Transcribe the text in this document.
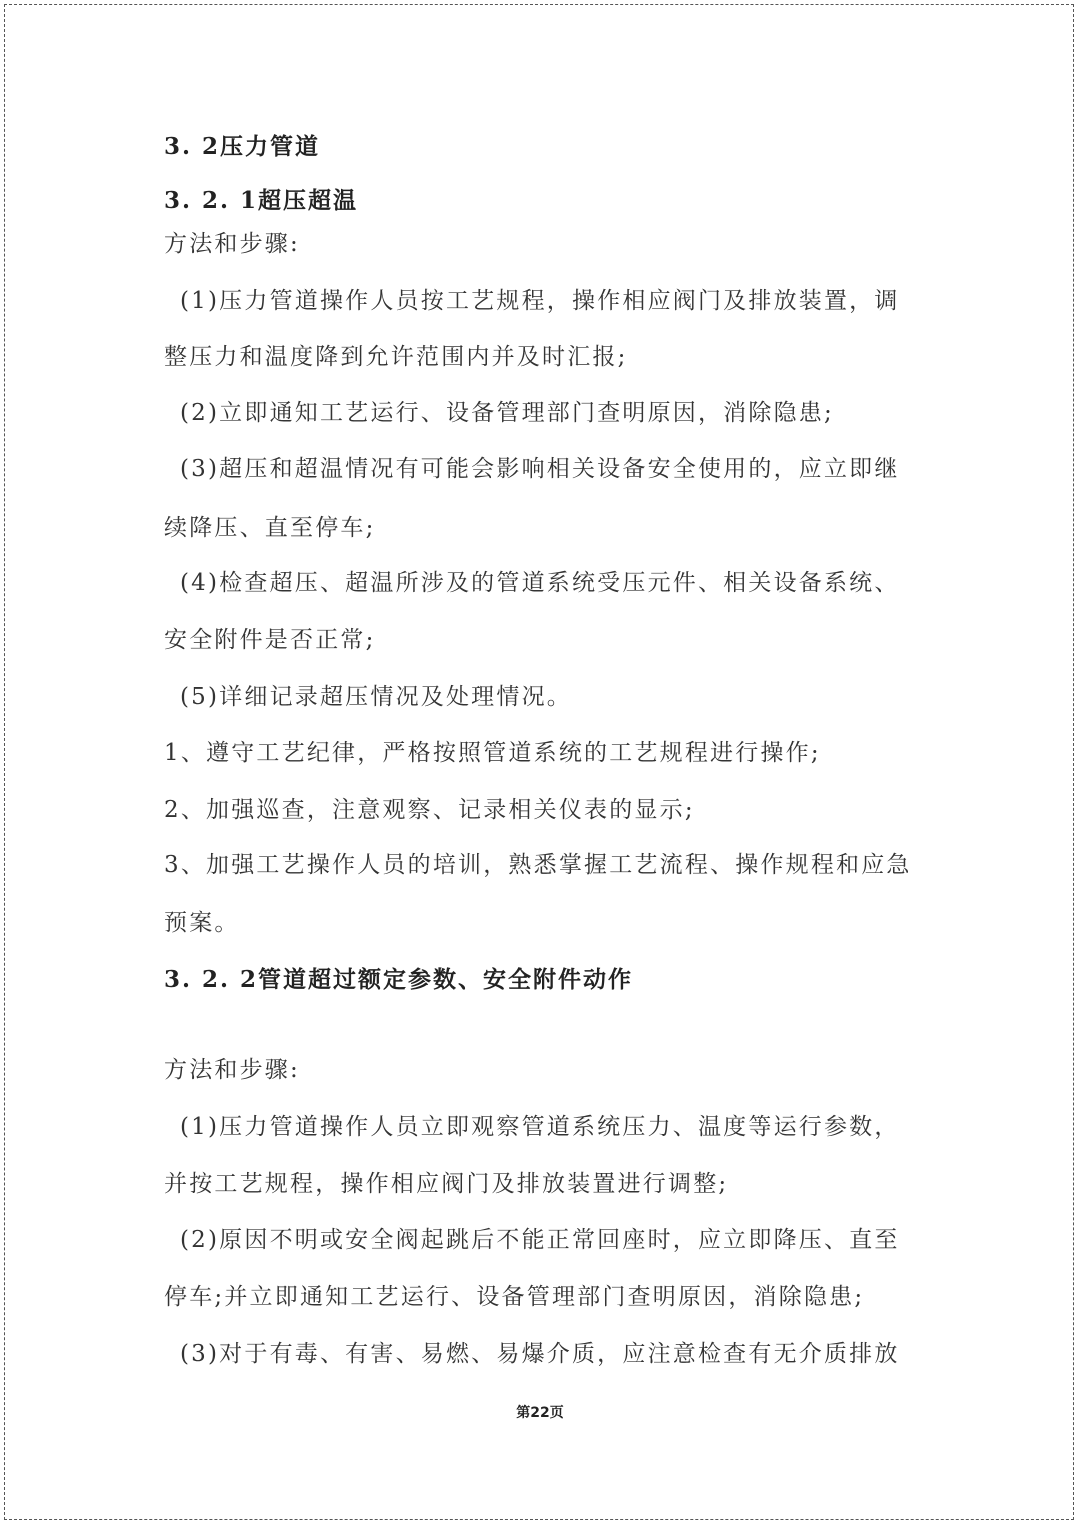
3. 2压力管道
3. 2. 1超压超温
方法和步骤:
(1)压力管道操作人员按工艺规程，操作相应阀门及排放装置，调
整压力和温度降到允许范围内并及时汇报;
(2)立即通知工艺运行、设备管理部门查明原因，消除隐患;
(3)超压和超温情况有可能会影响相关设备安全使用的，应立即继
续降压、直至停车;
(4)检查超压、超温所涉及的管道系统受压元件、相关设备系统、
安全附件是否正常;
(5)详细记录超压情况及处理情况。
1、遵守工艺纪律，严格按照管道系统的工艺规程进行操作;
2、加强巡查，注意观察、记录相关仪表的显示;
3、加强工艺操作人员的培训，熟悉掌握工艺流程、操作规程和应急
预案。
3. 2. 2管道超过额定参数、安全附件动作
方法和步骤:
(1)压力管道操作人员立即观察管道系统压力、温度等运行参数，
并按工艺规程，操作相应阀门及排放装置进行调整;
(2)原因不明或安全阀起跳后不能正常回座时，应立即降压、直至
停车;并立即通知工艺运行、设备管理部门查明原因，消除隐患;
(3)对于有毒、有害、易燃、易爆介质，应注意检查有无介质排放
第22页
